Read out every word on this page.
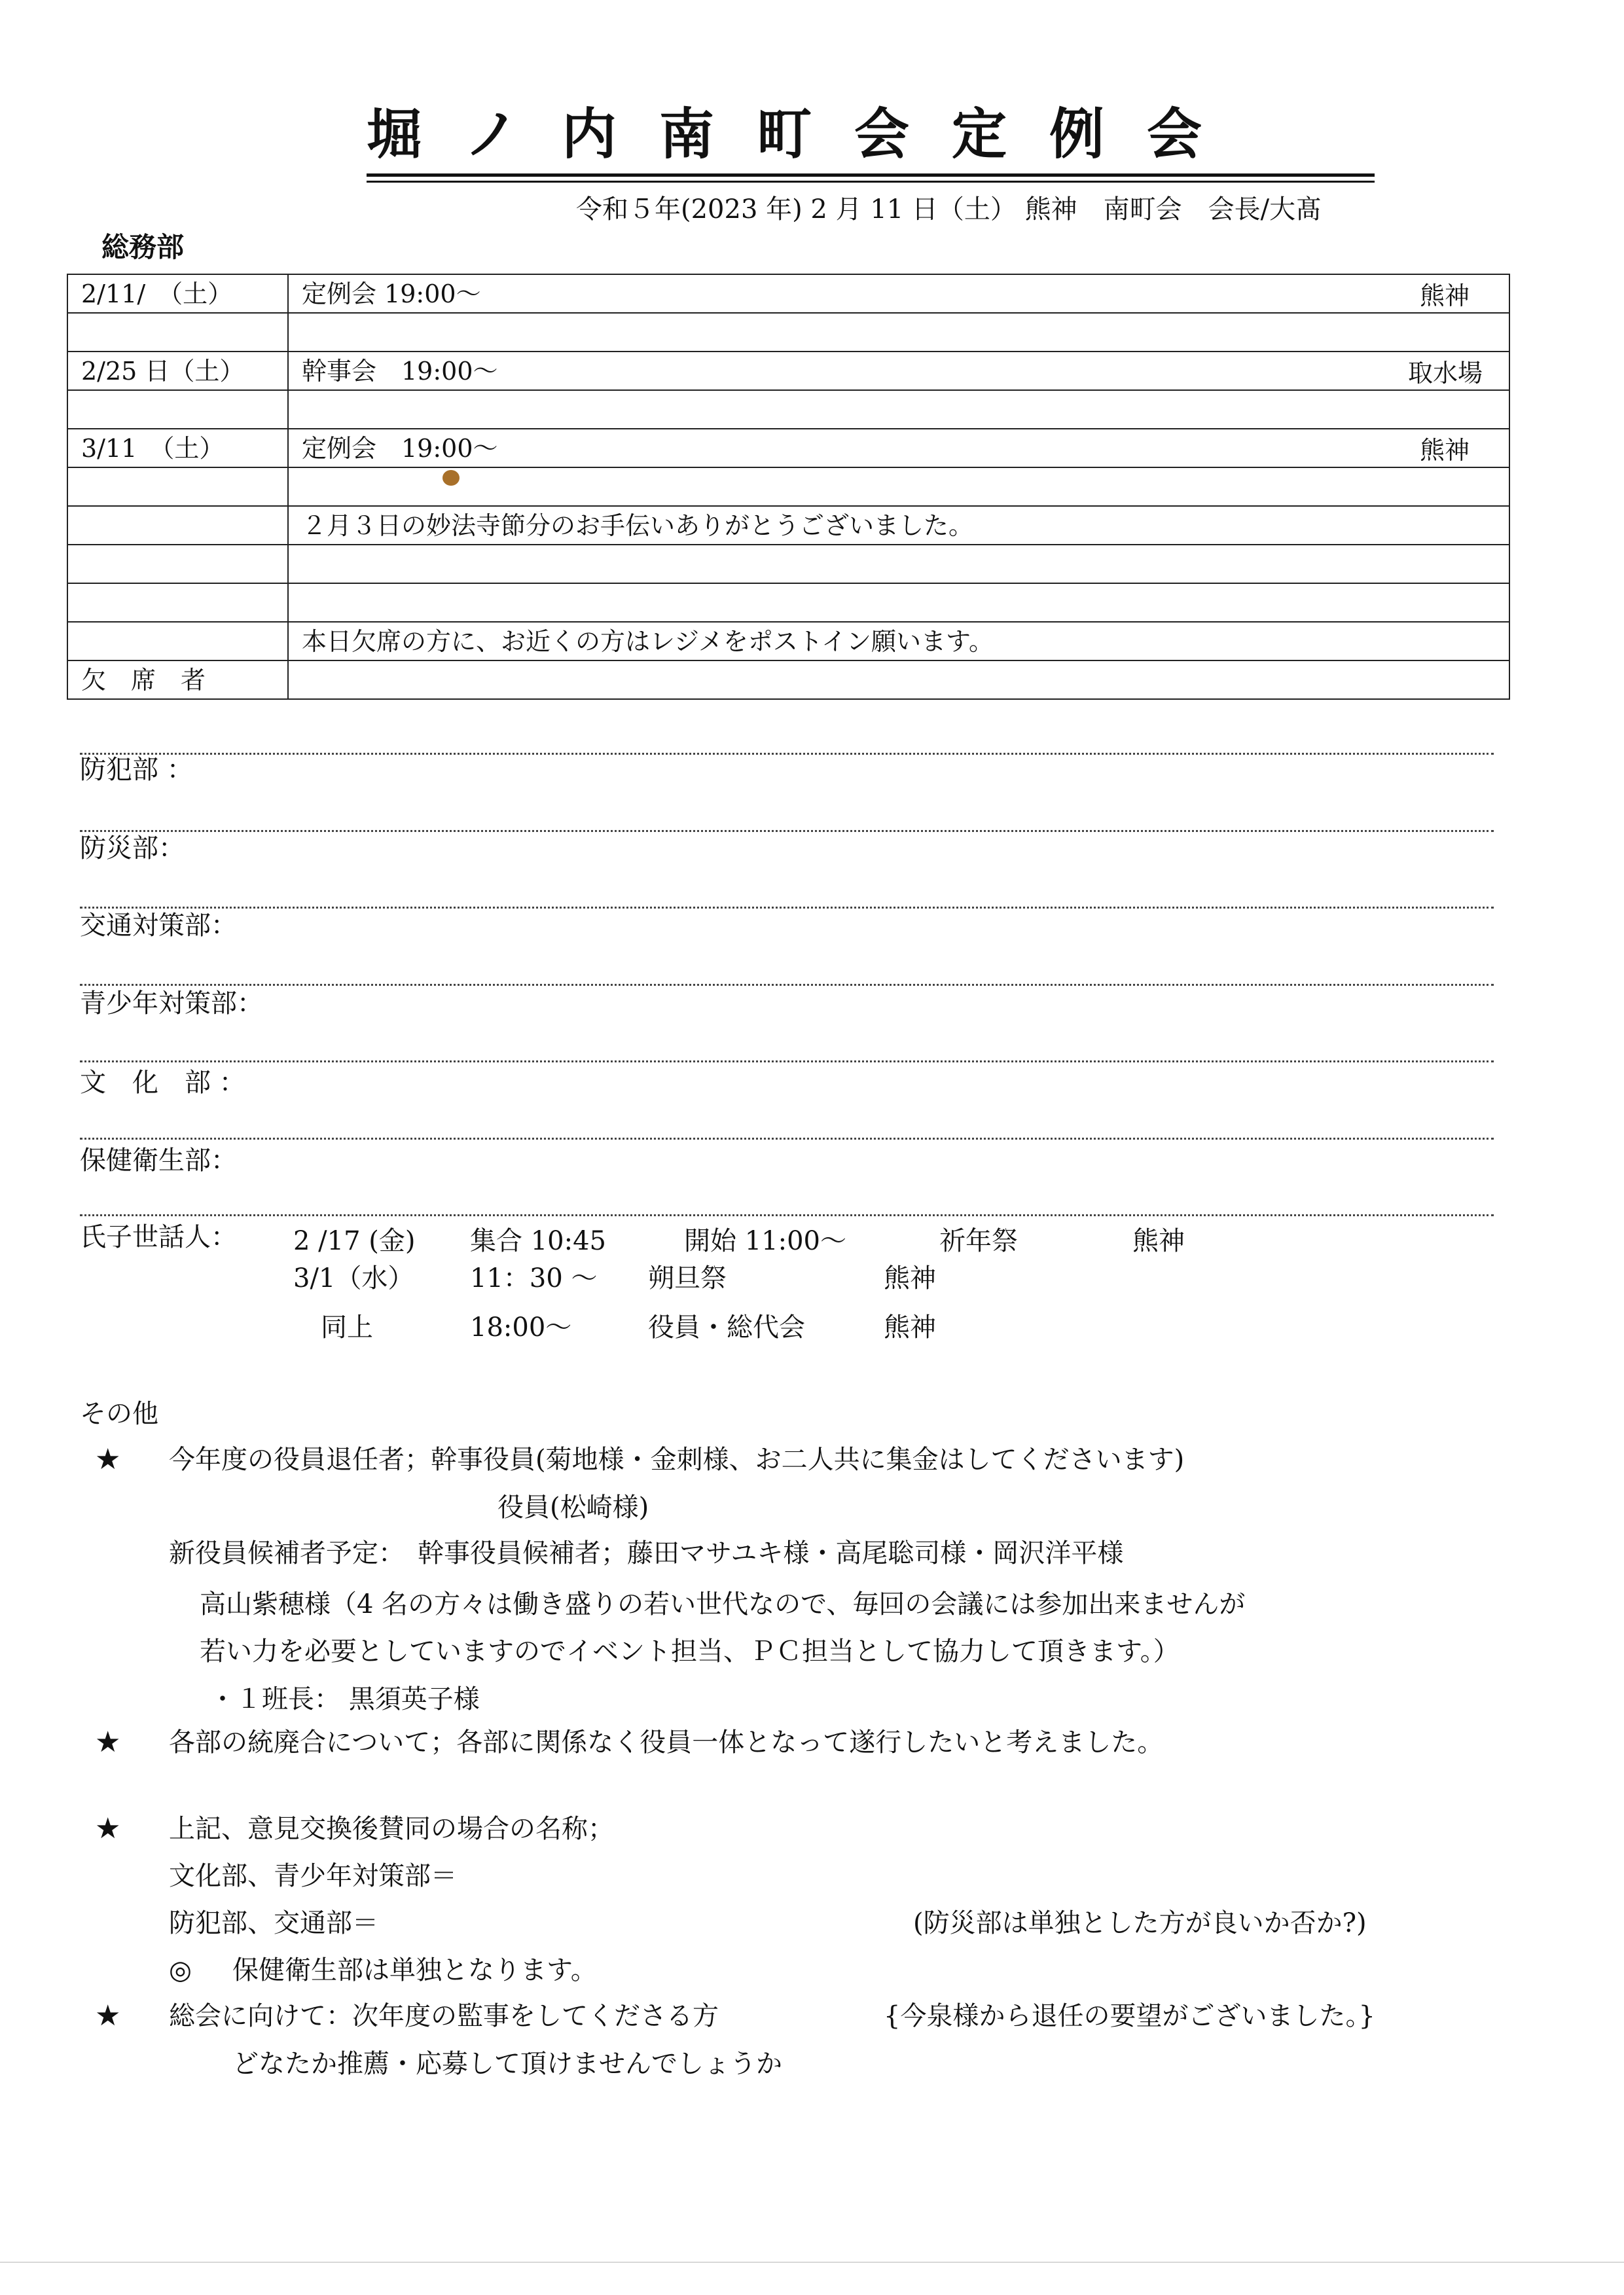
堀ノ内南町会定例会
令和５年(2023 年) 2 月 11 日（土） 熊神　南町会　会長/大髙
総務部
2/11/　（土）	定例会 19:00～ 熊神

2/25 日（土）	幹事会　19:00～ 取水場

3/11　（土）	定例会　19:00～ 熊神

	２月３日の妙法寺節分のお手伝いありがとうございました。

	本日欠席の方に、お近くの方はレジメをポストイン願います。
欠　席　者	
防犯部 ：
防災部：
交通対策部：
青少年対策部：
文　化　部 ：
保健衛生部：
氏子世話人： 2 /17 (金) 集合 10:45	開始 11:00～	祈年祭	熊神
3/1（水） 11：30 ～ 朔旦祭	熊神
同上	18:00～	役員・総代会	熊神
その他
★ 今年度の役員退任者；幹事役員(菊地様・金刺様、お二人共に集金はしてくださいます)
役員(松崎様)
新役員候補者予定：　幹事役員候補者；藤田マサユキ様・高尾聡司様・岡沢洋平様
高山紫穂様（4 名の方々は働き盛りの若い世代なので、毎回の会議には参加出来ませんが
若い力を必要としていますのでイベント担当、ＰＣ担当として協力して頂きます。）
・１班長： 黒須英子様
★ 各部の統廃合について；各部に関係なく役員一体となって遂行したいと考えました。
★ 上記、意見交換後賛同の場合の名称；
文化部、青少年対策部＝
防犯部、交通部＝	(防災部は単独とした方が良いか否か?)
◎ 保健衛生部は単独となります。
★ 総会に向けて：次年度の監事をしてくださる方	{今泉様から退任の要望がございました。}
どなたか推薦・応募して頂けませんでしょうか
